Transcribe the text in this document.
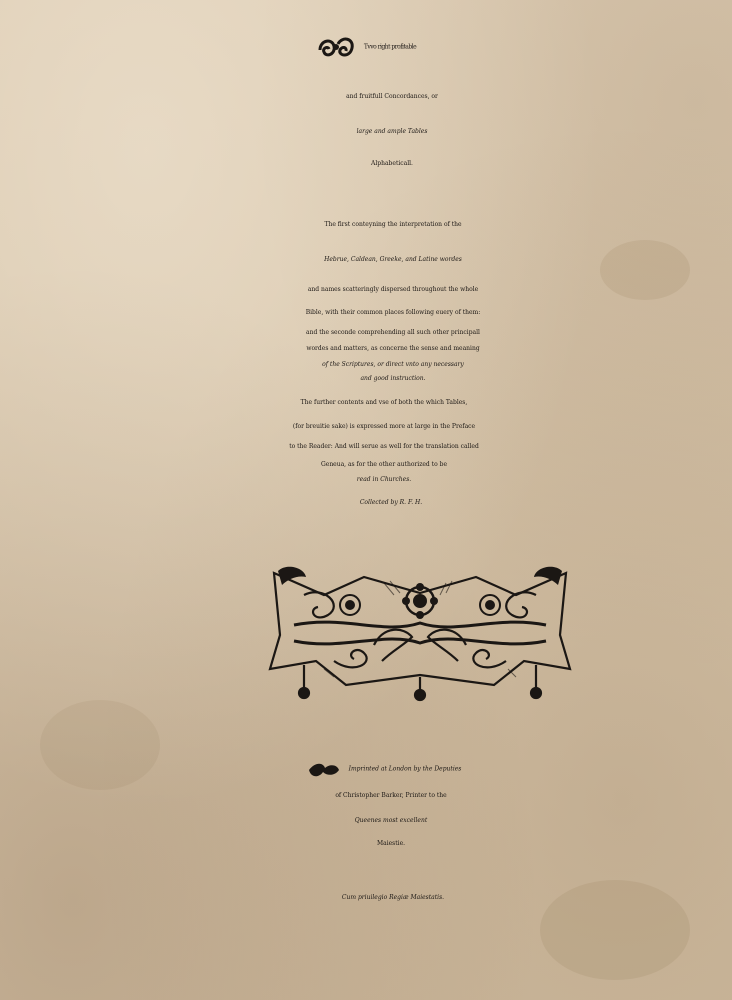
Tvvo right profitable
and fruitfull Concordances, or
large and ample Tables
Alphabeticall.
The first conteyning the interpretation of the
Hebrue, Caldean, Greeke, and Latine wordes
and names scatteringly dispersed throughout the whole
Bible, with their common places following euery of them:
and the seconde comprehending all such other principall
wordes and matters, as concerne the sense and meaning
of the Scriptures, or direct vnto any necessary
and good instruction.
The further contents and vse of both the which Tables,
(for breuitie sake) is expressed more at large in the Preface
to the Reader: And will serue as well for the translation called
Geneua, as for the other authorized to be
read in Churches.
Collected by R. F. H.
Imprinted at London by the Deputies
of Christopher Barker, Printer to the
Queenes most excellent
Maiestie.
Cum priuilegio Regiæ Maiestatis.
